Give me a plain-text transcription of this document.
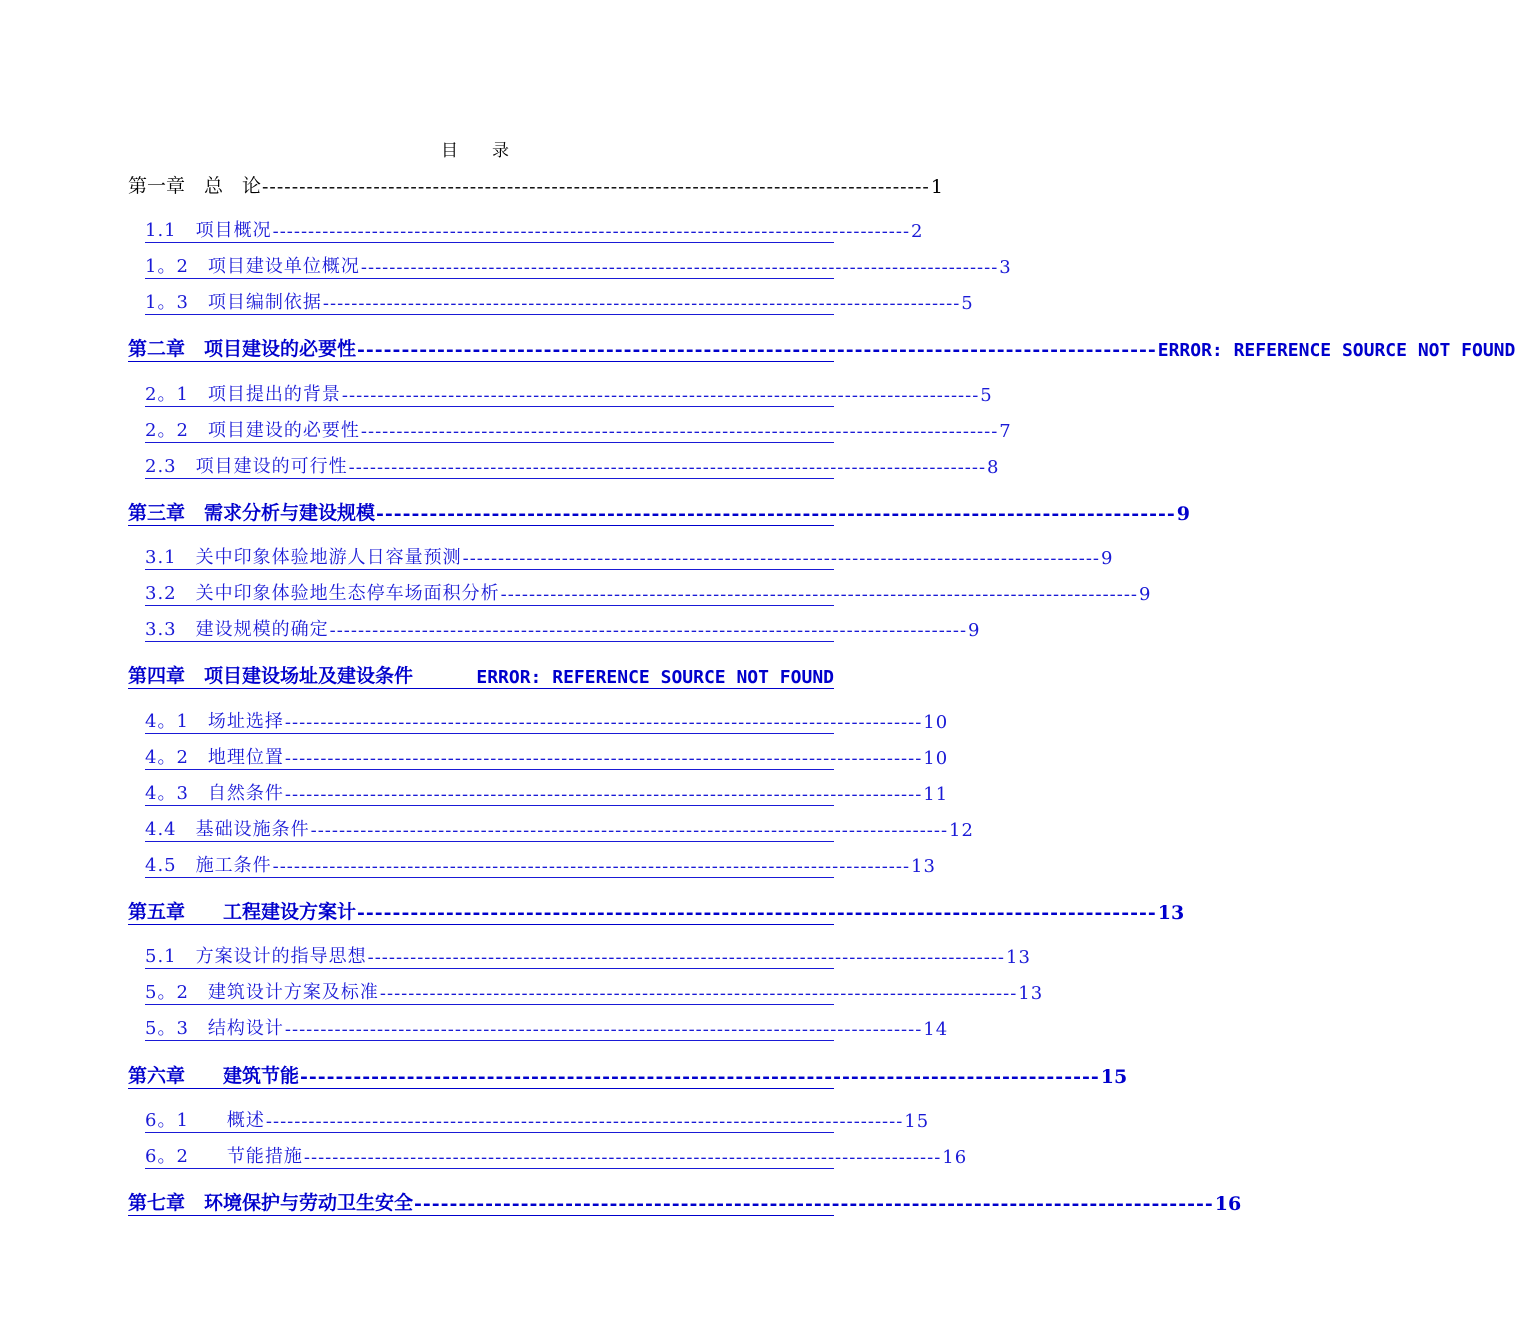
目录
第一章　总　论 ------------------------------------------------------------------------------------------ 1
1.1　项目概况 ------------------------------------------------------------------------------------------ 2
1。2　项目建设单位概况 ------------------------------------------------------------------------------------------ 3
1。3　项目编制依据 ------------------------------------------------------------------------------------------ 5
第二章　项目建设的必要性 ------------------------------------------------------------------------------------------ ERROR: REFERENCE SOURCE NOT FOUND
2。1　项目提出的背景 ------------------------------------------------------------------------------------------ 5
2。2　项目建设的必要性 ------------------------------------------------------------------------------------------ 7
2.3　项目建设的可行性 ------------------------------------------------------------------------------------------ 8
第三章　需求分析与建设规模 ------------------------------------------------------------------------------------------ 9
3.1　关中印象体验地游人日容量预测 ------------------------------------------------------------------------------------------ 9
3.2　关中印象体验地生态停车场面积分析 ------------------------------------------------------------------------------------------ 9
3.3　建设规模的确定 ------------------------------------------------------------------------------------------ 9
第四章　项目建设场址及建设条件	ERROR: REFERENCE SOURCE NOT FOUND
4。1　场址选择 ------------------------------------------------------------------------------------------ 10
4。2　地理位置 ------------------------------------------------------------------------------------------ 10
4。3　自然条件 ------------------------------------------------------------------------------------------ 11
4.4　基础设施条件 ------------------------------------------------------------------------------------------ 12
4.5　施工条件 ------------------------------------------------------------------------------------------ 13
第五章　　工程建设方案计 ------------------------------------------------------------------------------------------ 13
5.1　方案设计的指导思想 ------------------------------------------------------------------------------------------ 13
5。2　建筑设计方案及标准 ------------------------------------------------------------------------------------------ 13
5。3　结构设计 ------------------------------------------------------------------------------------------ 14
第六章　　建筑节能 ------------------------------------------------------------------------------------------ 15
6。1　　概述 ------------------------------------------------------------------------------------------ 15
6。2　　节能措施 ------------------------------------------------------------------------------------------ 16
第七章　环境保护与劳动卫生安全 ------------------------------------------------------------------------------------------ 16
